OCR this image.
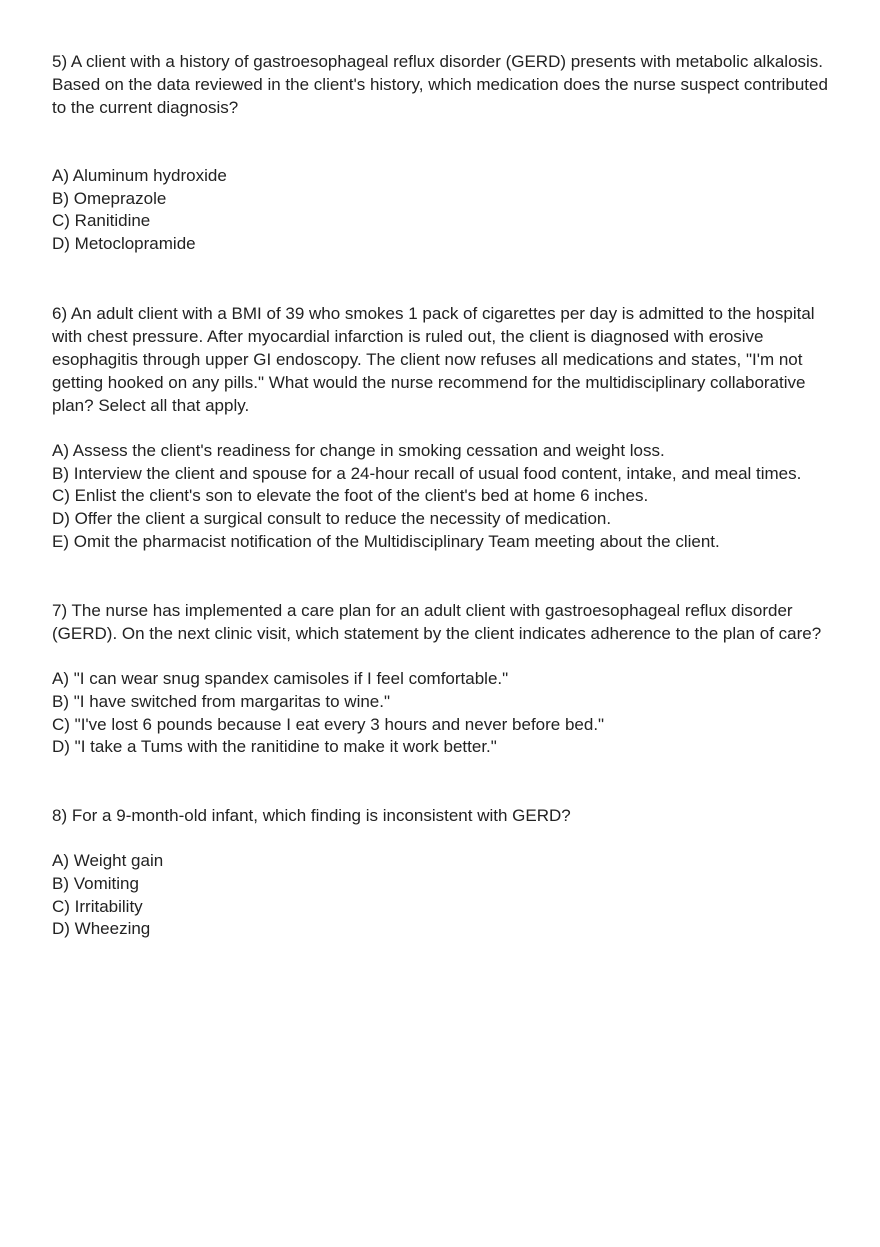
5) A client with a history of gastroesophageal reflux disorder (GERD) presents with metabolic alkalosis. Based on the data reviewed in the client's history, which medication does the nurse suspect contributed to the current diagnosis?

A) Aluminum hydroxide
B) Omeprazole
C) Ranitidine
D) Metoclopramide

6) An adult client with a BMI of 39 who smokes 1 pack of cigarettes per day is admitted to the hospital with chest pressure. After myocardial infarction is ruled out, the client is diagnosed with erosive esophagitis through upper GI endoscopy. The client now refuses all medications and states, "I'm not getting hooked on any pills." What would the nurse recommend for the multidisciplinary collaborative plan? Select all that apply.

A) Assess the client's readiness for change in smoking cessation and weight loss.
B) Interview the client and spouse for a 24-hour recall of usual food content, intake, and meal times.
C) Enlist the client's son to elevate the foot of the client's bed at home 6 inches.
D) Offer the client a surgical consult to reduce the necessity of medication.
E) Omit the pharmacist notification of the Multidisciplinary Team meeting about the client.

7) The nurse has implemented a care plan for an adult client with gastroesophageal reflux disorder (GERD). On the next clinic visit, which statement by the client indicates adherence to the plan of care?

A) "I can wear snug spandex camisoles if I feel comfortable."
B) "I have switched from margaritas to wine."
C) "I've lost 6 pounds because I eat every 3 hours and never before bed."
D) "I take a Tums with the ranitidine to make it work better."

8) For a 9-month-old infant, which finding is inconsistent with GERD?

A) Weight gain
B) Vomiting
C) Irritability
D) Wheezing
